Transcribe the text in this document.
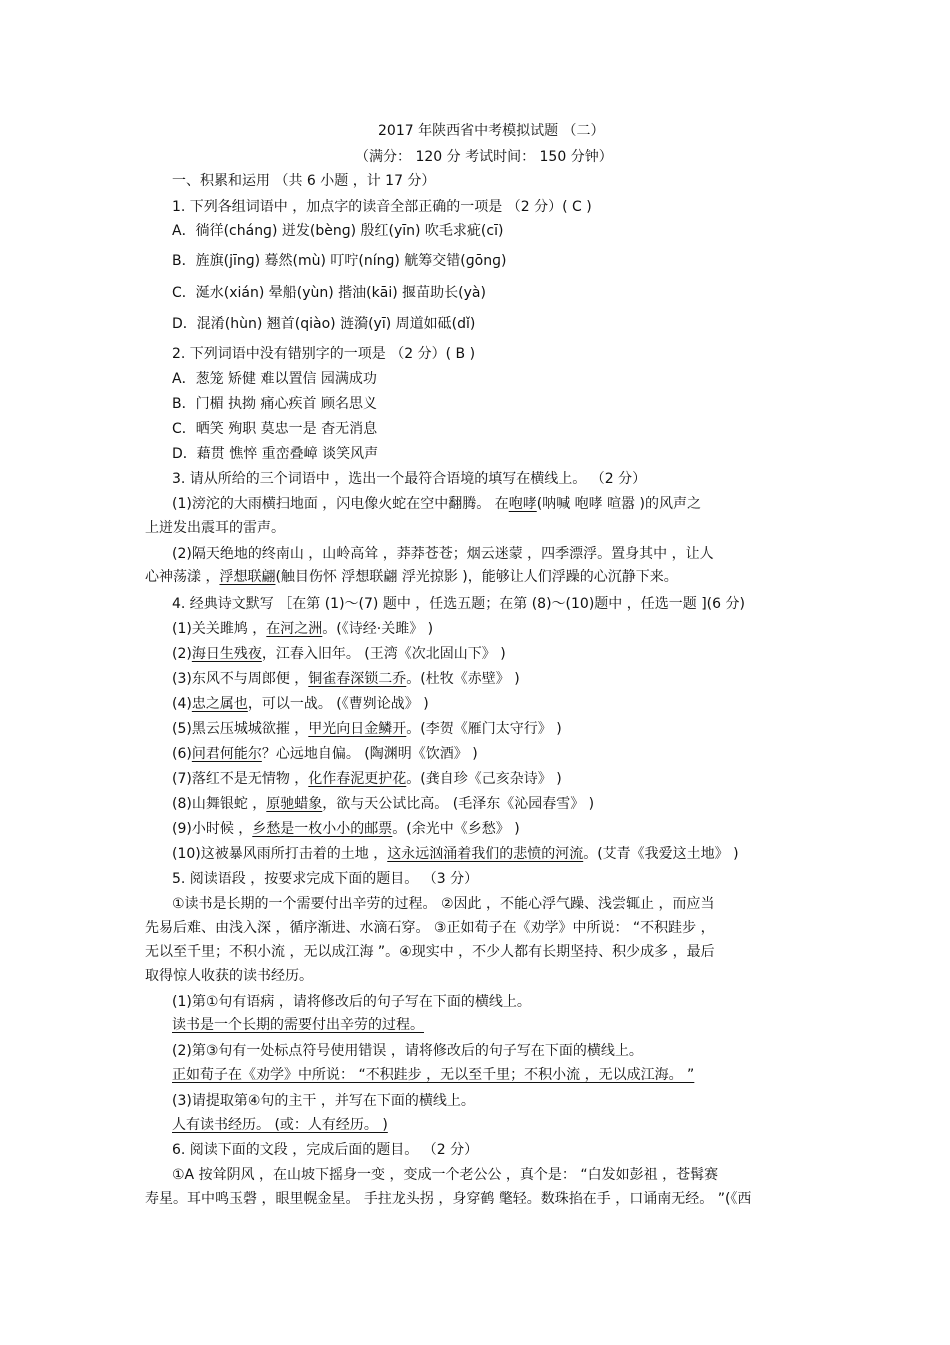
2017 年陕西省中考模拟试题 （二）
（满分： 120 分 考试时间： 150 分钟）
一、积累和运用 （共 6 小题 ，计 17 分）
1. 下列各组词语中 ，加点字的读音全部正确的一项是 （2 分）( C )
A．徜徉(chánɡ) 迸发(bènɡ) 殷红(yīn) 吹毛求疵(cī)
B．旌旗(jīnɡ) 蓦然(mù) 叮咛(nínɡ) 觥筹交错(ɡōnɡ)
C．涎水(xián) 晕船(yùn) 揩油(kāi) 揠苗助长(yà)
D．混淆(hùn) 翘首(qiào) 涟漪(yī) 周道如砥(dǐ)
2. 下列词语中没有错别字的一项是 （2 分）( B )
A．葱笼 矫健 难以置信 园满成功
B．门楣 执拗 痛心疾首 顾名思义
C．晒笑 殉职 莫忠一是 杳无消息
D．藉贯 憔悴 重峦叠嶂 谈笑风声
3. 请从所给的三个词语中 ，选出一个最符合语境的填写在横线上。 （2 分）
(1)滂沱的大雨横扫地面 ，闪电像火蛇在空中翻腾。 在咆哮(呐喊 咆哮 喧嚣 )的风声之
上迸发出震耳的雷声。
(2)隔天绝地的终南山 ，山岭高耸 ，莽莽苍苍；烟云迷蒙 ，四季漂浮。置身其中 ，让人
心神荡漾 ，浮想联翩(触目伤怀 浮想联翩 浮光掠影 )，能够让人们浮躁的心沉静下来。
4. 经典诗文默写 ［在第 (1)～(7) 题中 ，任选五题；在第 (8)～(10)题中 ，任选一题 ](6 分)
(1)关关雎鸠 ，在河之洲。(《诗经·关雎》 )
(2)海日生残夜，江春入旧年。 (王湾《次北固山下》 )
(3)东风不与周郎便 ，铜雀春深锁二乔。(杜牧《赤壁》 )
(4)忠之属也，可以一战。 (《曹刿论战》 )
(5)黑云压城城欲摧 ，甲光向日金鳞开。(李贺《雁门太守行》 )
(6)问君何能尔？心远地自偏。 (陶渊明《饮酒》 )
(7)落红不是无情物 ，化作春泥更护花。(龚自珍《己亥杂诗》 )
(8)山舞银蛇 ，原驰蜡象，欲与天公试比高。 (毛泽东《沁园春雪》 )
(9)小时候 ，乡愁是一枚小小的邮票。(余光中《乡愁》 )
(10)这被暴风雨所打击着的土地 ，这永远汹涌着我们的悲愤的河流。(艾青《我爱这土地》 )
5. 阅读语段 ，按要求完成下面的题目。 （3 分）
①读书是长期的一个需要付出辛劳的过程。 ②因此 ，不能心浮气躁、浅尝辄止 ，而应当
先易后难、由浅入深 ，循序渐进、水滴石穿。 ③正如荀子在《劝学》中所说： “不积跬步 ，
无以至千里；不积小流 ，无以成江海 ”。④现实中 ，不少人都有长期坚持、积少成多 ，最后
取得惊人收获的读书经历。
(1)第①句有语病 ，请将修改后的句子写在下面的横线上。
读书是一个长期的需要付出辛劳的过程。
(2)第③句有一处标点符号使用错误 ，请将修改后的句子写在下面的横线上。
正如荀子在《劝学》中所说： “不积跬步 ，无以至千里；不积小流 ，无以成江海。 ”
(3)请提取第④句的主干 ，并写在下面的横线上。
人有读书经历。 (或：人有经历。 )
6. 阅读下面的文段 ，完成后面的题目。 （2 分）
①A 按耸阴风 ，在山坡下摇身一变 ，变成一个老公公 ，真个是： “白发如彭祖 ，苍髯赛
寿星。耳中鸣玉磬 ，眼里幌金星。 手拄龙头拐 ，身穿鹤 氅轻。数珠掐在手 ，口诵南无经。 ”(《西
